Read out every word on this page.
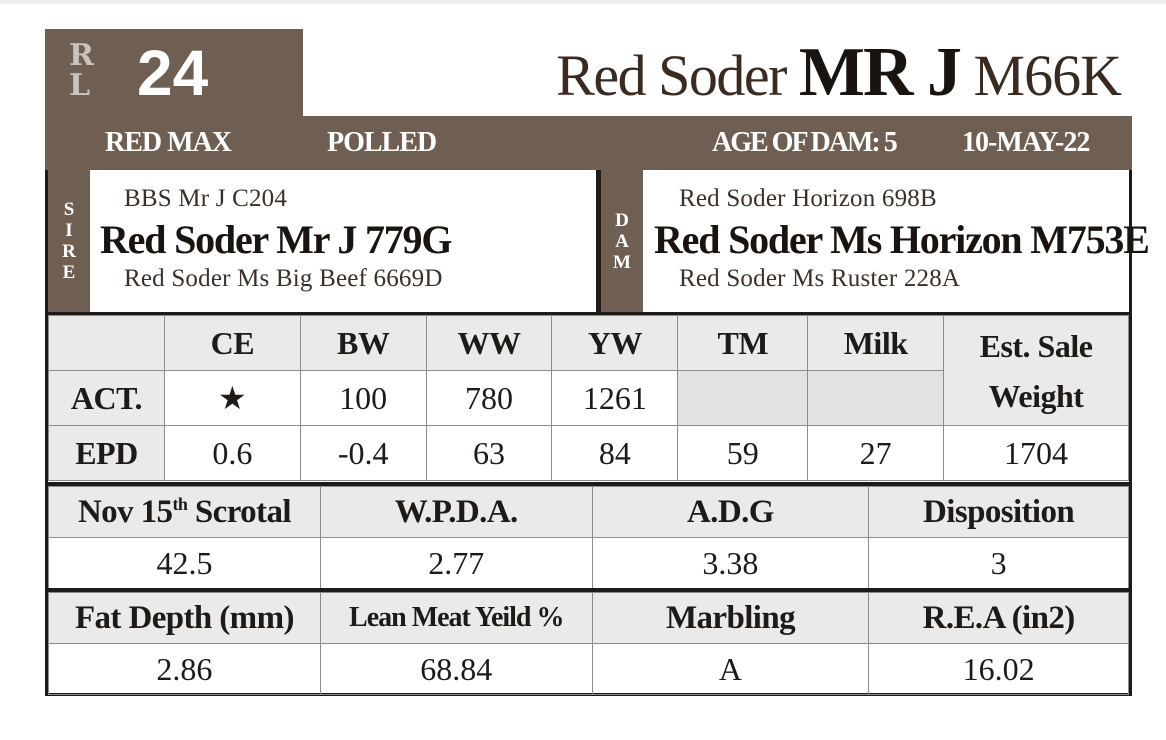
R
L 24	Red Soder MR J M66K
RED MAX	POLLED	AGE OF DAM: 5 10-MAY-22
S
I
R
E
BBS Mr J C204
Red Soder Mr J 779G
Red Soder Ms Big Beef 6669D
D
A
M
Red Soder Horizon 698B
Red Soder Ms Horizon M753E
Red Soder Ms Ruster 228A
	CE	BW	WW	YW	TM	Milk	Est. Sale
Weight

ACT.	★	100	780	1261			
EPD	0.6	-0.4	63	84	59	27	1704
Nov 15th Scrotal	W.P.D.A.	A.D.G	Disposition
42.5	2.77	3.38	3
Fat Depth (mm)	Lean Meat Yeild %	Marbling	R.E.A (in2)
2.86	68.84	A	16.02
